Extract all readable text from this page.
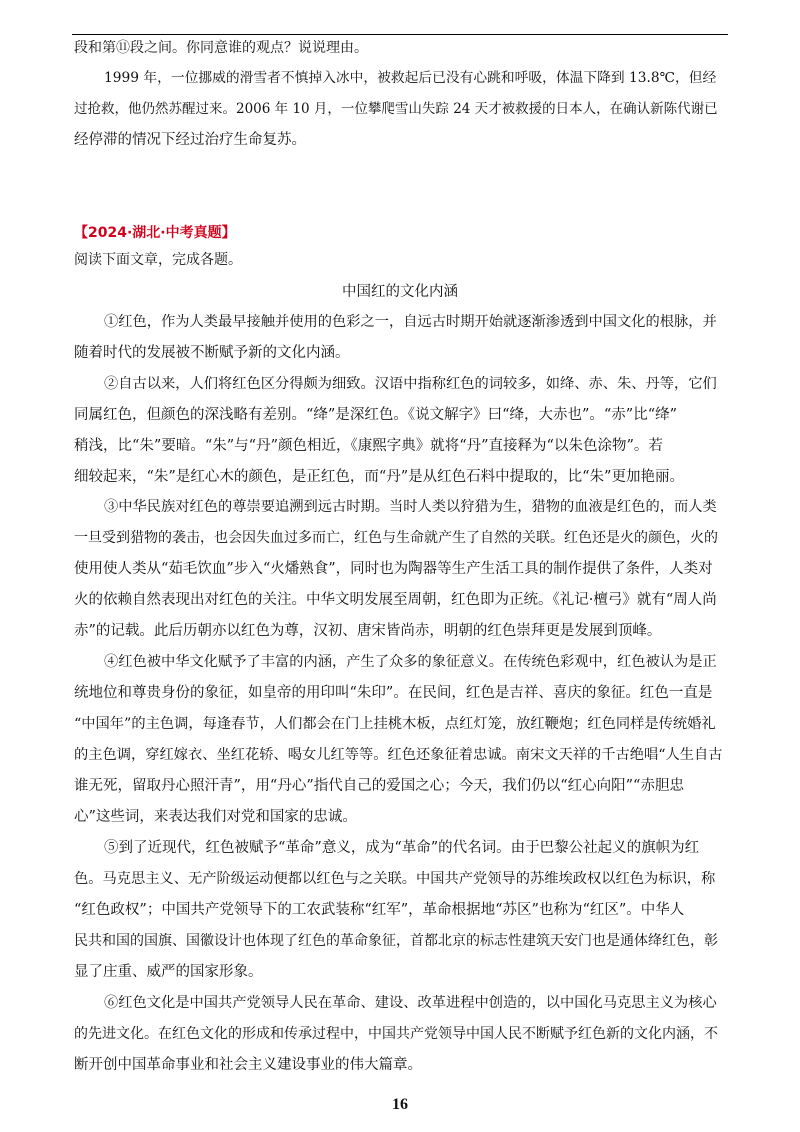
段和第⑪段之间。你同意谁的观点？说说理由。
1999 年，一位挪威的滑雪者不慎掉入冰中，被救起后已没有心跳和呼吸，体温下降到 13.8℃，但经
过抢救，他仍然苏醒过来。2006 年 10 月，一位攀爬雪山失踪 24 天才被救援的日本人，在确认新陈代谢已
经停滞的情况下经过治疗生命复苏。
【2024·湖北·中考真题】
阅读下面文章，完成各题。
中国红的文化内涵
①红色，作为人类最早接触并使用的色彩之一，自远古时期开始就逐渐渗透到中国文化的根脉，并
随着时代的发展被不断赋予新的文化内涵。
②自古以来，人们将红色区分得颇为细致。汉语中指称红色的词较多，如绛、赤、朱、丹等，它们
同属红色，但颜色的深浅略有差别。“绛”是深红色。《说文解字》曰“绛，大赤也”。“赤”比“绛”
稍浅，比“朱”要暗。“朱”与“丹”颜色相近，《康熙字典》就将“丹”直接释为“以朱色涂物”。若
细较起来，“朱”是红心木的颜色，是正红色，而“丹”是从红色石料中提取的，比“朱”更加艳丽。
③中华民族对红色的尊崇要追溯到远古时期。当时人类以狩猎为生，猎物的血液是红色的，而人类
一旦受到猎物的袭击，也会因失血过多而亡，红色与生命就产生了自然的关联。红色还是火的颜色，火的
使用使人类从“茹毛饮血”步入“火燔熟食”，同时也为陶器等生产生活工具的制作提供了条件，人类对
火的依赖自然表现出对红色的关注。中华文明发展至周朝，红色即为正统。《礼记·檀弓》就有“周人尚
赤”的记载。此后历朝亦以红色为尊，汉初、唐宋皆尚赤，明朝的红色崇拜更是发展到顶峰。
④红色被中华文化赋予了丰富的内涵，产生了众多的象征意义。在传统色彩观中，红色被认为是正
统地位和尊贵身份的象征，如皇帝的用印叫“朱印”。在民间，红色是吉祥、喜庆的象征。红色一直是
“中国年”的主色调，每逢春节，人们都会在门上挂桃木板，点红灯笼，放红鞭炮；红色同样是传统婚礼
的主色调，穿红嫁衣、坐红花轿、喝女儿红等等。红色还象征着忠诚。南宋文天祥的千古绝唱“人生自古
谁无死，留取丹心照汗青”，用“丹心”指代自己的爱国之心；今天，我们仍以“红心向阳”“赤胆忠
心”这些词，来表达我们对党和国家的忠诚。
⑤到了近现代，红色被赋予“革命”意义，成为“革命”的代名词。由于巴黎公社起义的旗帜为红
色。马克思主义、无产阶级运动便都以红色与之关联。中国共产党领导的苏维埃政权以红色为标识，称
“红色政权”；中国共产党领导下的工农武装称“红军”，革命根据地“苏区”也称为“红区”。中华人
民共和国的国旗、国徽设计也体现了红色的革命象征，首都北京的标志性建筑天安门也是通体绛红色，彰
显了庄重、威严的国家形象。
⑥红色文化是中国共产党领导人民在革命、建设、改革进程中创造的，以中国化马克思主义为核心
的先进文化。在红色文化的形成和传承过程中，中国共产党领导中国人民不断赋予红色新的文化内涵，不
断开创中国革命事业和社会主义建设事业的伟大篇章。
16
